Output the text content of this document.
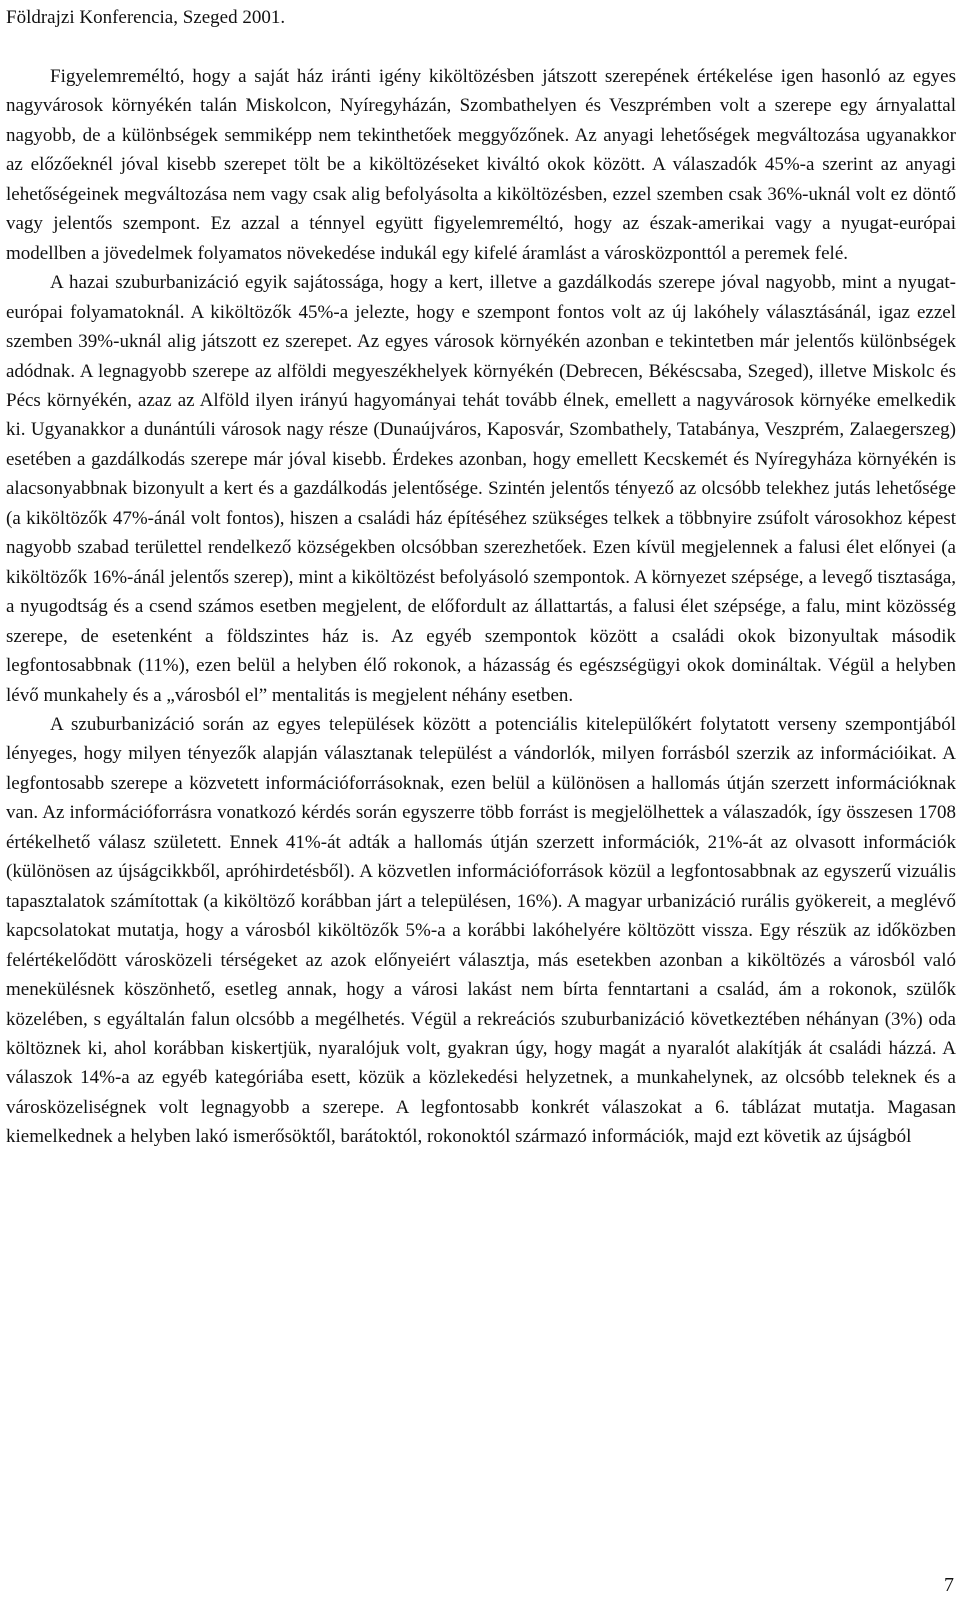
Földrajzi Konferencia, Szeged 2001.

Figyelemreméltó, hogy a saját ház iránti igény kiköltözésben játszott szerepének értékelése igen hasonló az egyes nagyvárosok környékén talán Miskolcon, Nyíregyházán, Szombathelyen és Veszprémben volt a szerepe egy árnyalattal nagyobb, de a különbségek semmiképp nem tekinthetőek meggyőzőnek. Az anyagi lehetőségek megváltozása ugyanakkor az előzőeknél jóval kisebb szerepet tölt be a kiköltözéseket kiváltó okok között. A válaszadók 45%-a szerint az anyagi lehetőségeinek megváltozása nem vagy csak alig befolyásolta a kiköltözésben, ezzel szemben csak 36%-uknál volt ez döntő vagy jelentős szempont. Ez azzal a ténnyel együtt figyelemreméltó, hogy az észak-amerikai vagy a nyugat-európai modellben a jövedelmek folyamatos növekedése indukál egy kifelé áramlást a városközponttól a peremek felé.

A hazai szuburbanizáció egyik sajátossága, hogy a kert, illetve a gazdálkodás szerepe jóval nagyobb, mint a nyugat-európai folyamatoknál. A kiköltözők 45%-a jelezte, hogy e szempont fontos volt az új lakóhely választásánál, igaz ezzel szemben 39%-uknál alig játszott ez szerepet. Az egyes városok környékén azonban e tekintetben már jelentős különbségek adódnak. A legnagyobb szerepe az alföldi megyeszékhelyek környékén (Debrecen, Békéscsaba, Szeged), illetve Miskolc és Pécs környékén, azaz az Alföld ilyen irányú hagyományai tehát tovább élnek, emellett a nagyvárosok környéke emelkedik ki. Ugyanakkor a dunántúli városok nagy része (Dunaújváros, Kaposvár, Szombathely, Tatabánya, Veszprém, Zalaegerszeg) esetében a gazdálkodás szerepe már jóval kisebb. Érdekes azonban, hogy emellett Kecskemét és Nyíregyháza környékén is alacsonyabbnak bizonyult a kert és a gazdálkodás jelentősége. Szintén jelentős tényező az olcsóbb telekhez jutás lehetősége (a kiköltözők 47%-ánál volt fontos), hiszen a családi ház építéséhez szükséges telkek a többnyire zsúfolt városokhoz képest nagyobb szabad területtel rendelkező községekben olcsóbban szerezhetőek. Ezen kívül megjelennek a falusi élet előnyei (a kiköltözők 16%-ánál jelentős szerep), mint a kiköltözést befolyásoló szempontok. A környezet szépsége, a levegő tisztasága, a nyugodtság és a csend számos esetben megjelent, de előfordult az állattartás, a falusi élet szépsége, a falu, mint közösség szerepe, de esetenként a földszintes ház is. Az egyéb szempontok között a családi okok bizonyultak második legfontosabbnak (11%), ezen belül a helyben élő rokonok, a házasság és egészségügyi okok domináltak. Végül a helyben lévő munkahely és a „városból el” mentalitás is megjelent néhány esetben.

A szuburbanizáció során az egyes települések között a potenciális kitelepülőkért folytatott verseny szempontjából lényeges, hogy milyen tényezők alapján választanak települést a vándorlók, milyen forrásból szerzik az információikat. A legfontosabb szerepe a közvetett információforrásoknak, ezen belül a különösen a hallomás útján szerzett információknak van. Az információforrásra vonatkozó kérdés során egyszerre több forrást is megjelölhettek a válaszadók, így összesen 1708 értékelhető válasz született. Ennek 41%-át adták a hallomás útján szerzett információk, 21%-át az olvasott információk (különösen az újságcikkből, apróhirdetésből). A közvetlen információforrások közül a legfontosabbnak az egyszerű vizuális tapasztalatok számítottak (a kiköltöző korábban járt a településen, 16%). A magyar urbanizáció rurális gyökereit, a meglévő kapcsolatokat mutatja, hogy a városból kiköltözők 5%-a a korábbi lakóhelyére költözött vissza. Egy részük az időközben felértékelődött városközeli térségeket az azok előnyeiért választja, más esetekben azonban a kiköltözés a városból való menekülésnek köszönhető, esetleg annak, hogy a városi lakást nem bírta fenntartani a család, ám a rokonok, szülők közelében, s egyáltalán falun olcsóbb a megélhetés. Végül a rekreációs szuburbanizáció következtében néhányan (3%) oda költöznek ki, ahol korábban kiskertjük, nyaralójuk volt, gyakran úgy, hogy magát a nyaralót alakítják át családi házzá. A válaszok 14%-a az egyéb kategóriába esett, közük a közlekedési helyzetnek, a munkahelynek, az olcsóbb teleknek és a városközeliségnek volt legnagyobb a szerepe. A legfontosabb konkrét válaszokat a 6. táblázat mutatja. Magasan kiemelkednek a helyben lakó ismerősöktől, barátoktól, rokonoktól származó információk, majd ezt követik az újságból

7
